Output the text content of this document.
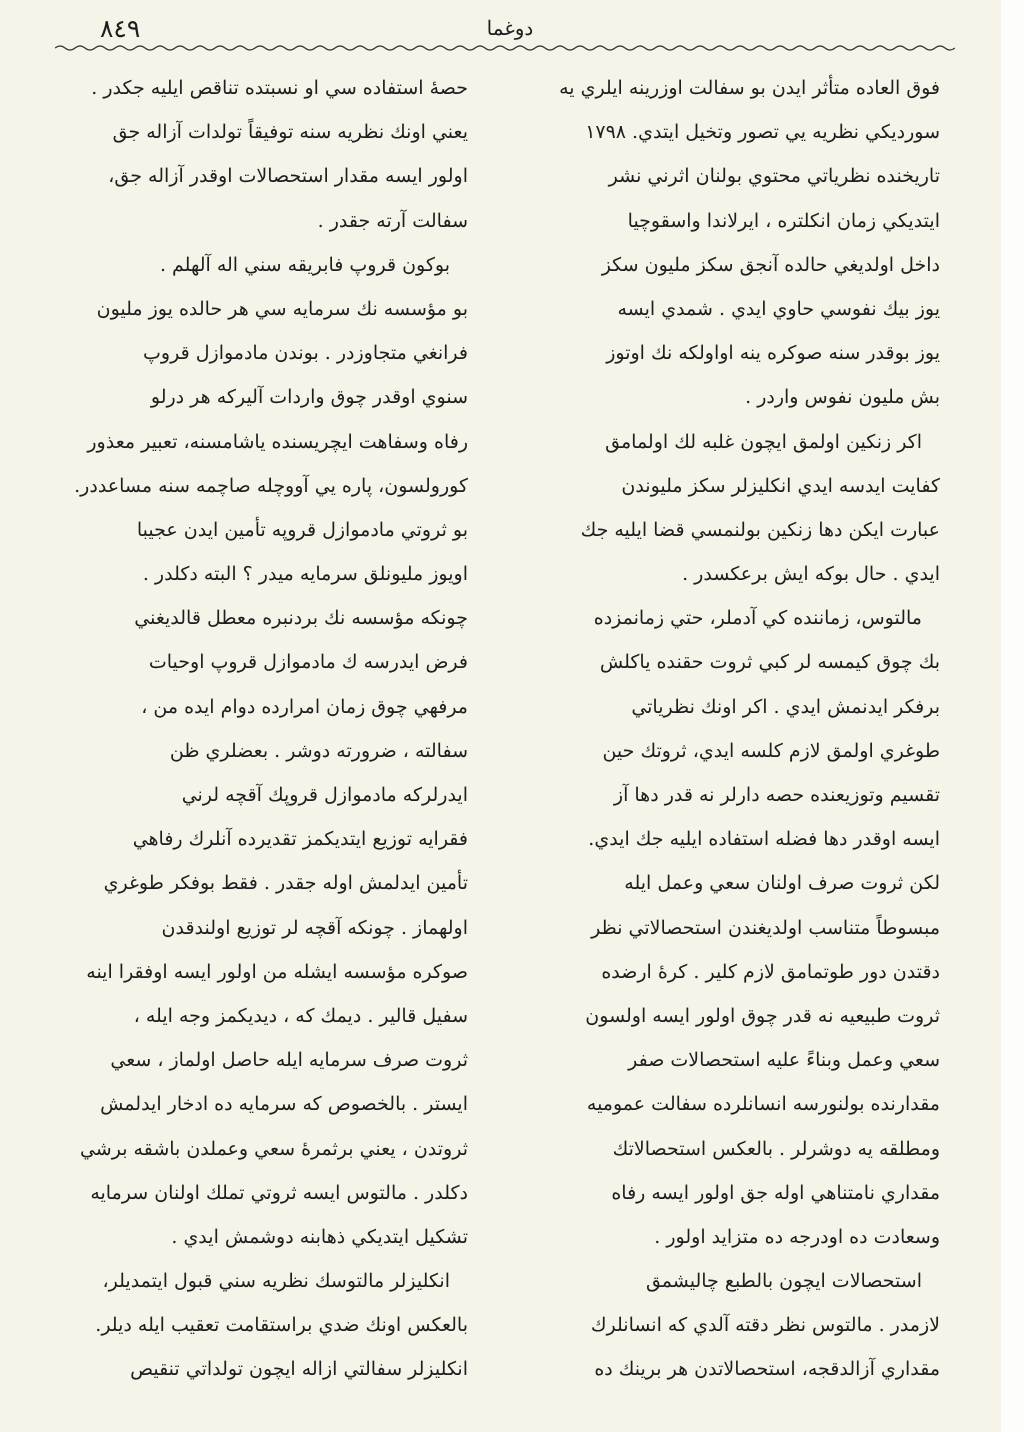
٨٤٩	دوغما
فوق العاده متأثر ايدن بو سفالت اوزرينه ايلري يه
سورديكي نظريه يي تصور وتخيل ايتدي. ١٧٩٨
تاريخنده نظرياتي محتوي بولنان اثرني نشر
ايتديكي زمان انكلتره ، ايرلاندا واسقوچيا
داخل اولديغي حالده آنجق سكز مليون سكز
يوز بيك نفوسي حاوي ايدي . شمدي ايسه
يوز بوقدر سنه صوكره ينه اواولكه نك اوتوز
بش مليون نفوس واردر .
اكر زنكين اولمق ايچون غلبه لك اولمامق
كفايت ايدسه ايدي انكليزلر سكز مليوندن
عبارت ايكن دها زنكين بولنمسي قضا ايليه جك
ايدي . حال بوكه ايش برعكسدر .
مالتوس، زماننده كي آدملر، حتي زمانمزده
بك چوق كيمسه لر كبي ثروت حقنده ياكلش
برفكر ايدنمش ايدي . اكر اونك نظرياتي
طوغري اولمق لازم كلسه ايدي، ثروتك حين
تقسيم وتوزيعنده حصه دارلر نه قدر دها آز
ايسه اوقدر دها فضله استفاده ايليه جك ايدي.
لكن ثروت صرف اولنان سعي وعمل ايله
مبسوطاً متناسب اولديغندن استحصالاتي نظر
دقتدن دور طوتمامق لازم كلير . كرهٔ ارضده
ثروت طبيعيه نه قدر چوق اولور ايسه اولسون
سعي وعمل وبناءً عليه استحصالات صفر
مقدارنده بولنورسه انسانلرده سفالت عموميه
ومطلقه يه دوشرلر . بالعكس استحصالاتك
مقداري نامتناهي اوله جق اولور ايسه رفاه
وسعادت ده اودرجه ده متزايد اولور .
استحصالات ايچون بالطبع چاليشمق
لازمدر . مالتوس نظر دقته آلدي كه انسانلرك
مقداري آزالدقجه، استحصالاتدن هر برينك ده
حصهٔ استفاده سي او نسبتده تناقص ايليه جكدر .
يعني اونك نظريه سنه توفيقاً تولدات آزاله جق
اولور ايسه مقدار استحصالات اوقدر آزاله جق،
سفالت آرته جقدر .
بوكون قروپ فابريقه سني اله آلهلم .
بو مؤسسه نك سرمايه سي هر حالده يوز مليون
فرانغي متجاوزدر . بوندن مادموازل قروپ
سنوي اوقدر چوق واردات آليركه هر درلو
رفاه وسفاهت ايچريسنده ياشامسنه، تعبير معذور
كورولسون، پاره يي آووچله صاچمه سنه مساعددر.
بو ثروتي مادموازل قروپه تأمين ايدن عجيبا
اويوز مليونلق سرمايه ميدر ؟ البته دكلدر .
چونكه مؤسسه نك بردنبره معطل قالديغني
فرض ايدرسه ك مادموازل قروپ اوحيات
مرفهي چوق زمان امرارده دوام ايده من ،
سفالته ، ضرورته دوشر . بعضلري ظن
ايدرلركه مادموازل قروپك آقچه لرني
فقرايه توزيع ايتديكمز تقديرده آنلرك رفاهي
تأمين ايدلمش اوله جقدر . فقط بوفكر طوغري
اولهماز . چونكه آقچه لر توزيع اولندقدن
صوكره مؤسسه ايشله من اولور ايسه اوفقرا اينه
سفيل قالير . ديمك كه ، ديديكمز وجه ايله ،
ثروت صرف سرمايه ايله حاصل اولماز ، سعي
ايستر . بالخصوص كه سرمايه ده ادخار ايدلمش
ثروتدن ، يعني برثمرهٔ سعي وعملدن باشقه برشي
دكلدر . مالتوس ايسه ثروتي تملك اولنان سرمايه
تشكيل ايتديكي ذهابنه دوشمش ايدي .
انكليزلر مالتوسك نظريه سني قبول ايتمديلر،
بالعكس اونك ضدي براستقامت تعقيب ايله ديلر.
انكليزلر سفالتي ازاله ايچون تولداتي تنقيص
